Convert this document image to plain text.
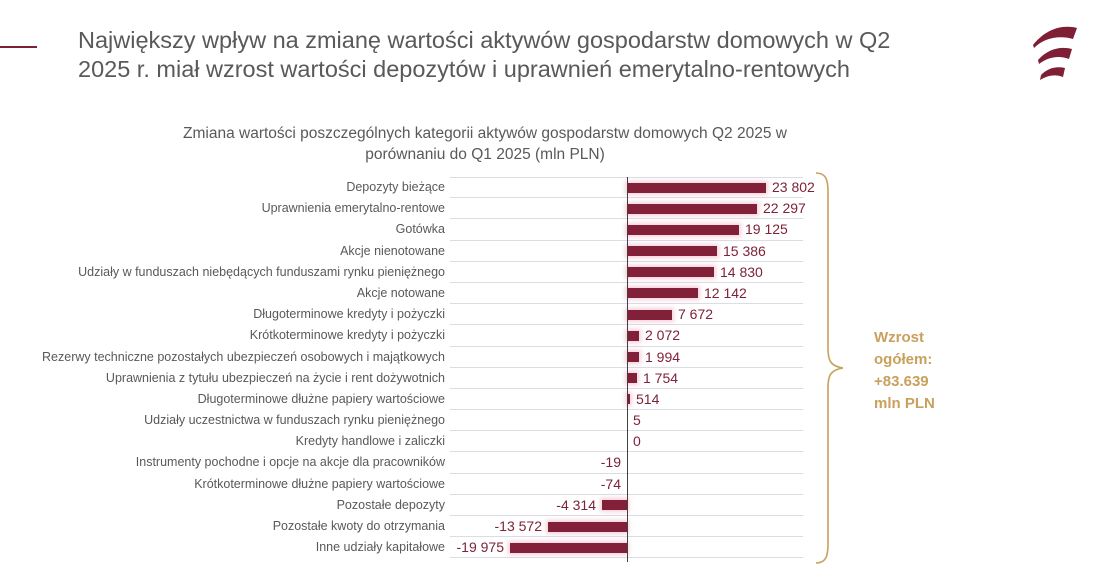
Największy wpływ na zmianę wartości aktywów gospodarstw domowych w Q2
2025 r. miał wzrost wartości depozytów i uprawnień emerytalno-rentowych
Zmiana wartości poszczególnych kategorii aktywów gospodarstw domowych Q2 2025 w
porównaniu do Q1 2025 (mln PLN)
Depozyty bieżące	23 802
Uprawnienia emerytalno-rentowe	22 297
Gotówka	19 125
Akcje nienotowane	15 386
Udziały w funduszach niebędących funduszami rynku pieniężnego	14 830
Akcje notowane	12 142
Długoterminowe kredyty i pożyczki	7 672
Krótkoterminowe kredyty i pożyczki	2 072
Rezerwy techniczne pozostałych ubezpieczeń osobowych i majątkowych	1 994
Uprawnienia z tytułu ubezpieczeń na życie i rent dożywotnich	1 754
Długoterminowe dłużne papiery wartościowe	514
Udziały uczestnictwa w funduszach rynku pieniężnego	5
Kredyty handlowe i zaliczki	0
Instrumenty pochodne i opcje na akcje dla pracowników	-19
Krótkoterminowe dłużne papiery wartościowe	-74
Pozostałe depozyty	-4 314
Pozostałe kwoty do otrzymania	-13 572
Inne udziały kapitałowe -19 975
Wzrost
ogółem:
+83.639
mln PLN
